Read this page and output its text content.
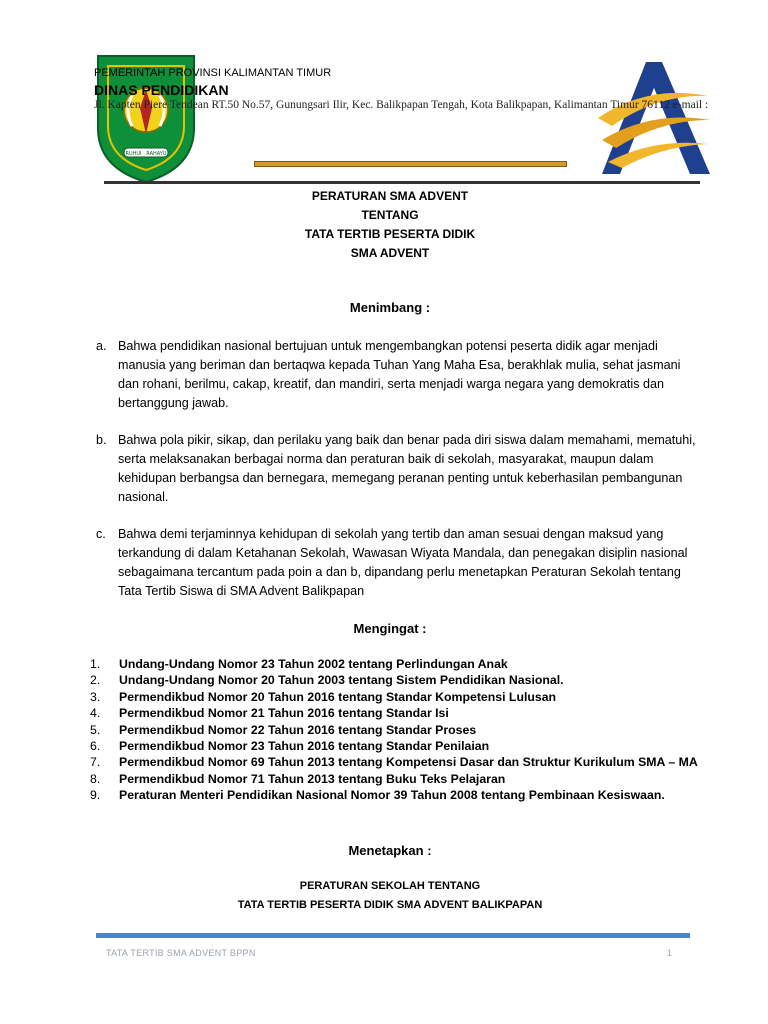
RUHUI · RAHAYU
PEMERINTAH PROVINSI KALIMANTAN TIMUR
DINAS PENDIDIKAN
Jl. Kapten Piere Tendean RT.50 No.57, Gunungsari Ilir, Kec. Balikpapan Tengah, Kota Balikpapan, Kalimantan Timur 76112 e-mail :
PERATURAN SMA ADVENT
TENTANG
TATA TERTIB PESERTA DIDIK
SMA ADVENT
Menimbang :
a. Bahwa pendidikan nasional bertujuan untuk mengembangkan potensi peserta didik agar menjadi manusia yang beriman dan bertaqwa kepada Tuhan Yang Maha Esa, berakhlak mulia, sehat jasmani dan rohani, berilmu, cakap, kreatif, dan mandiri, serta menjadi warga negara yang demokratis dan bertanggung jawab.
b. Bahwa pola pikir, sikap, dan perilaku yang baik dan benar pada diri siswa dalam memahami, mematuhi, serta melaksanakan berbagai norma dan peraturan baik di sekolah, masyarakat, maupun dalam kehidupan berbangsa dan bernegara, memegang peranan penting untuk keberhasilan pembangunan nasional.
c. Bahwa demi terjaminnya kehidupan di sekolah yang tertib dan aman sesuai dengan maksud yang terkandung di dalam Ketahanan Sekolah, Wawasan Wiyata Mandala, dan penegakan disiplin nasional sebagaimana tercantum pada poin a dan b, dipandang perlu menetapkan Peraturan Sekolah tentang Tata Tertib Siswa di SMA Advent Balikpapan
Mengingat :
1.	Undang-Undang Nomor 23 Tahun 2002 tentang Perlindungan Anak
2.	Undang-Undang Nomor 20 Tahun 2003 tentang Sistem Pendidikan Nasional.
3.	Permendikbud Nomor 20 Tahun 2016 tentang Standar Kompetensi Lulusan
4.	Permendikbud Nomor 21 Tahun 2016 tentang Standar Isi
5.	Permendikbud Nomor 22 Tahun 2016 tentang Standar Proses
6.	Permendikbud Nomor 23 Tahun 2016 tentang Standar Penilaian
7.	Permendikbud Nomor 69 Tahun 2013 tentang Kompetensi Dasar dan Struktur Kurikulum SMA – MA
8.	Permendikbud Nomor 71 Tahun 2013 tentang Buku Teks Pelajaran
9.	Peraturan Menteri Pendidikan Nasional Nomor 39 Tahun 2008 tentang Pembinaan Kesiswaan.
Menetapkan :
PERATURAN SEKOLAH TENTANG
TATA TERTIB PESERTA DIDIK SMA ADVENT BALIKPAPAN
TATA TERTIB SMA ADVENT BPPN	1
